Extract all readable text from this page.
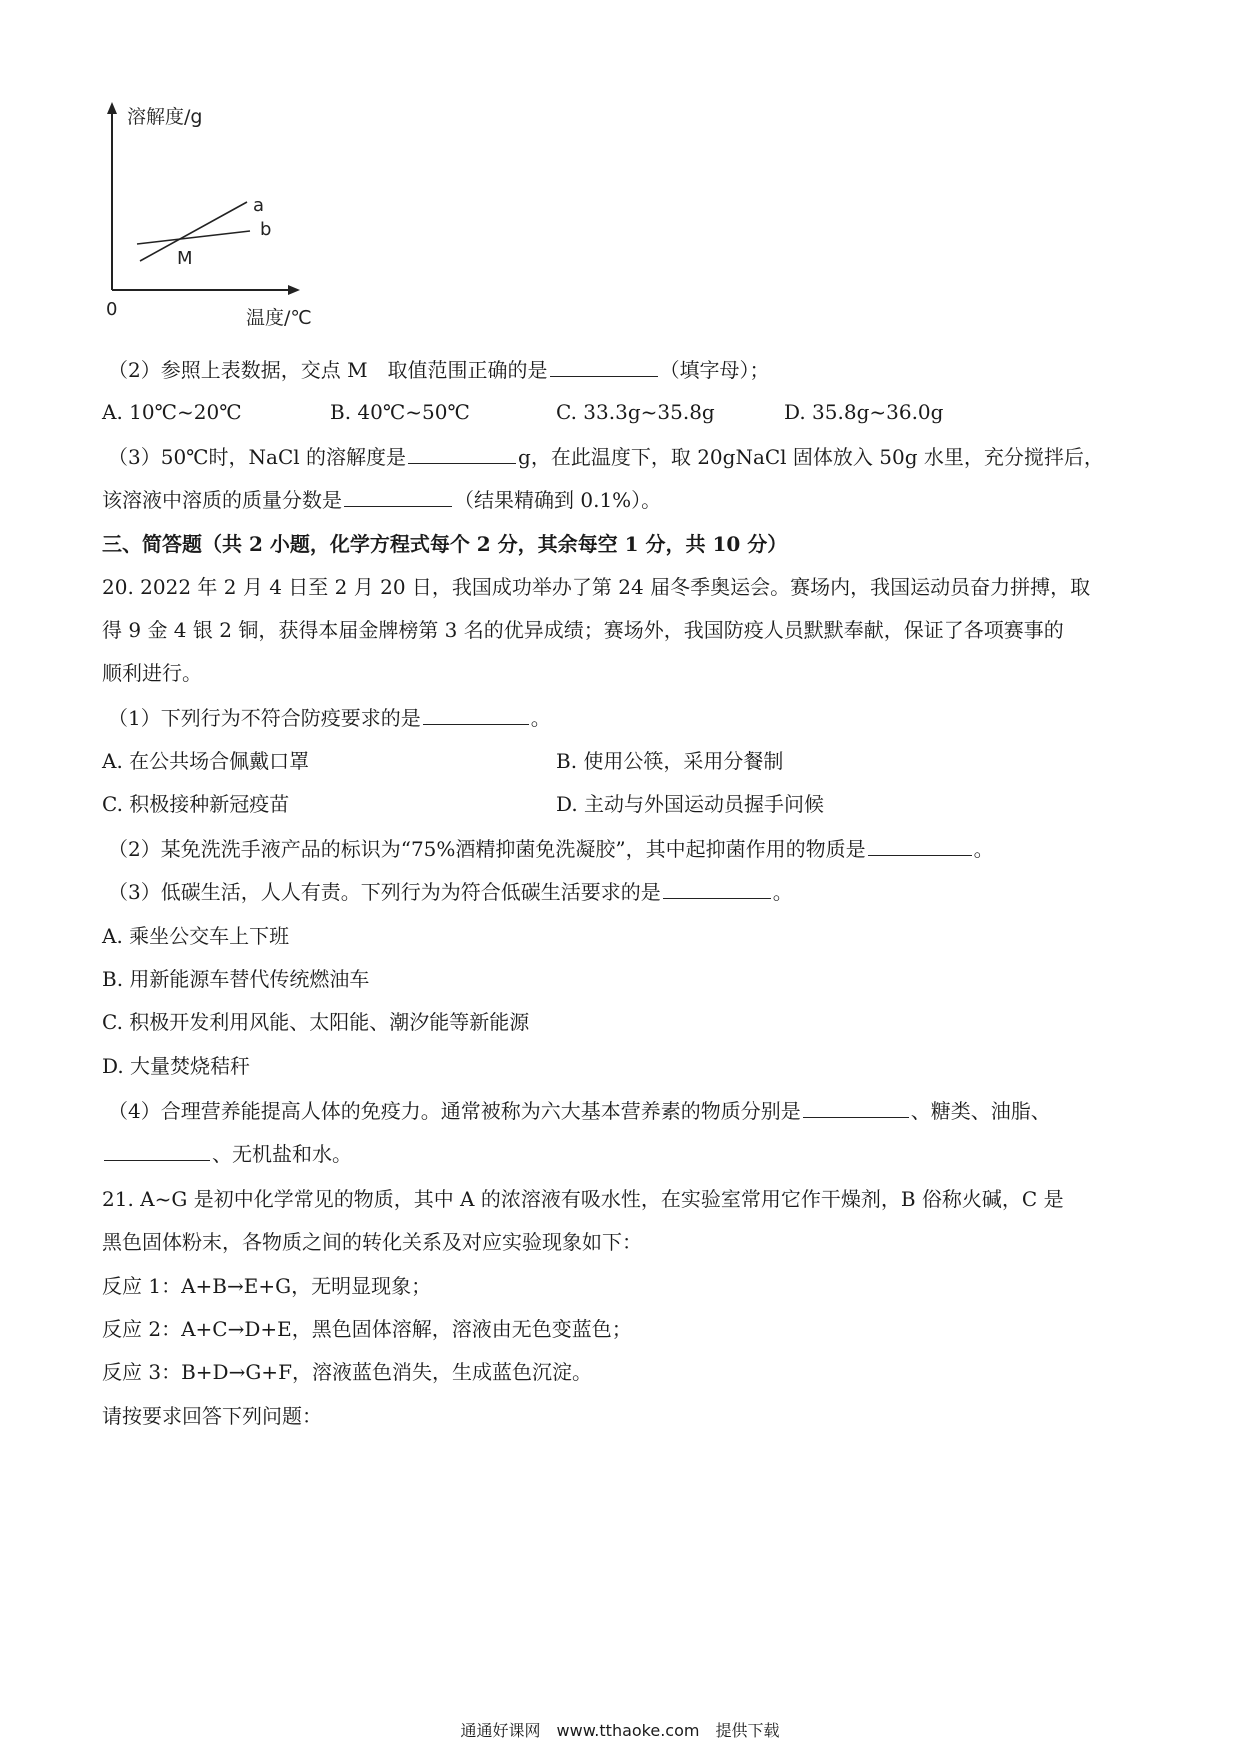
溶解度/g
温度/℃
0
a
b
M
（2）参照上表数据，交点 M　取值范围正确的是	（填字母）；
A. 10℃~20℃	B. 40℃~50℃	C. 33.3g~35.8g	D. 35.8g~36.0g
（3）50℃时，NaCl 的溶解度是	g，在此温度下，取 20gNaCl 固体放入 50g 水里，充分搅拌后，
该溶液中溶质的质量分数是	（结果精确到 0.1%）。
三、简答题（共 2 小题，化学方程式每个 2 分，其余每空 1 分，共 10 分）
20. 2022 年 2 月 4 日至 2 月 20 日，我国成功举办了第 24 届冬季奥运会。赛场内，我国运动员奋力拼搏，取
得 9 金 4 银 2 铜，获得本届金牌榜第 3 名的优异成绩；赛场外，我国防疫人员默默奉献，保证了各项赛事的
顺利进行。
（1）下列行为不符合防疫要求的是	。
A. 在公共场合佩戴口罩	B. 使用公筷，采用分餐制
C. 积极接种新冠疫苗	D. 主动与外国运动员握手问候
（2）某免洗洗手液产品的标识为“75%酒精抑菌免洗凝胶”，其中起抑菌作用的物质是	。
（3）低碳生活，人人有责。下列行为为符合低碳生活要求的是	。
A. 乘坐公交车上下班
B. 用新能源车替代传统燃油车
C. 积极开发利用风能、太阳能、潮汐能等新能源
D. 大量焚烧秸秆
（4）合理营养能提高人体的免疫力。通常被称为六大基本营养素的物质分别是	、糖类、油脂、
、无机盐和水。
21. A~G 是初中化学常见的物质，其中 A 的浓溶液有吸水性，在实验室常用它作干燥剂，B 俗称火碱，C 是
黑色固体粉末，各物质之间的转化关系及对应实验现象如下：
反应 1：A+B→E+G，无明显现象；
反应 2：A+C→D+E，黑色固体溶解，溶液由无色变蓝色；
反应 3：B+D→G+F，溶液蓝色消失，生成蓝色沉淀。
请按要求回答下列问题：
通通好课网　www.tthaoke.com　提供下载
